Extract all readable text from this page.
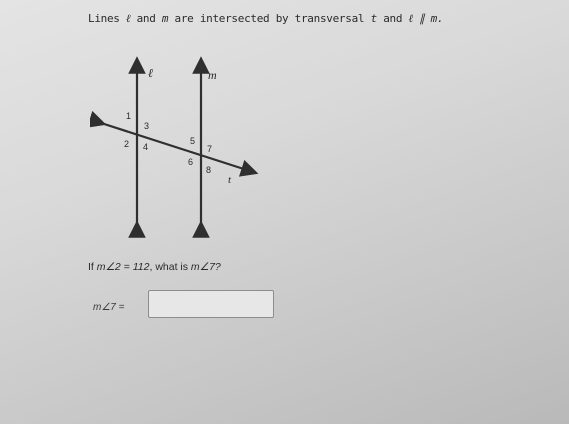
Lines ℓ and m are intersected by transversal t and ℓ ∥ m.
ℓ	m
t
1
2
3
4
5
6
7
8
If m∠2 = 112, what is m∠7?
m∠7 =
